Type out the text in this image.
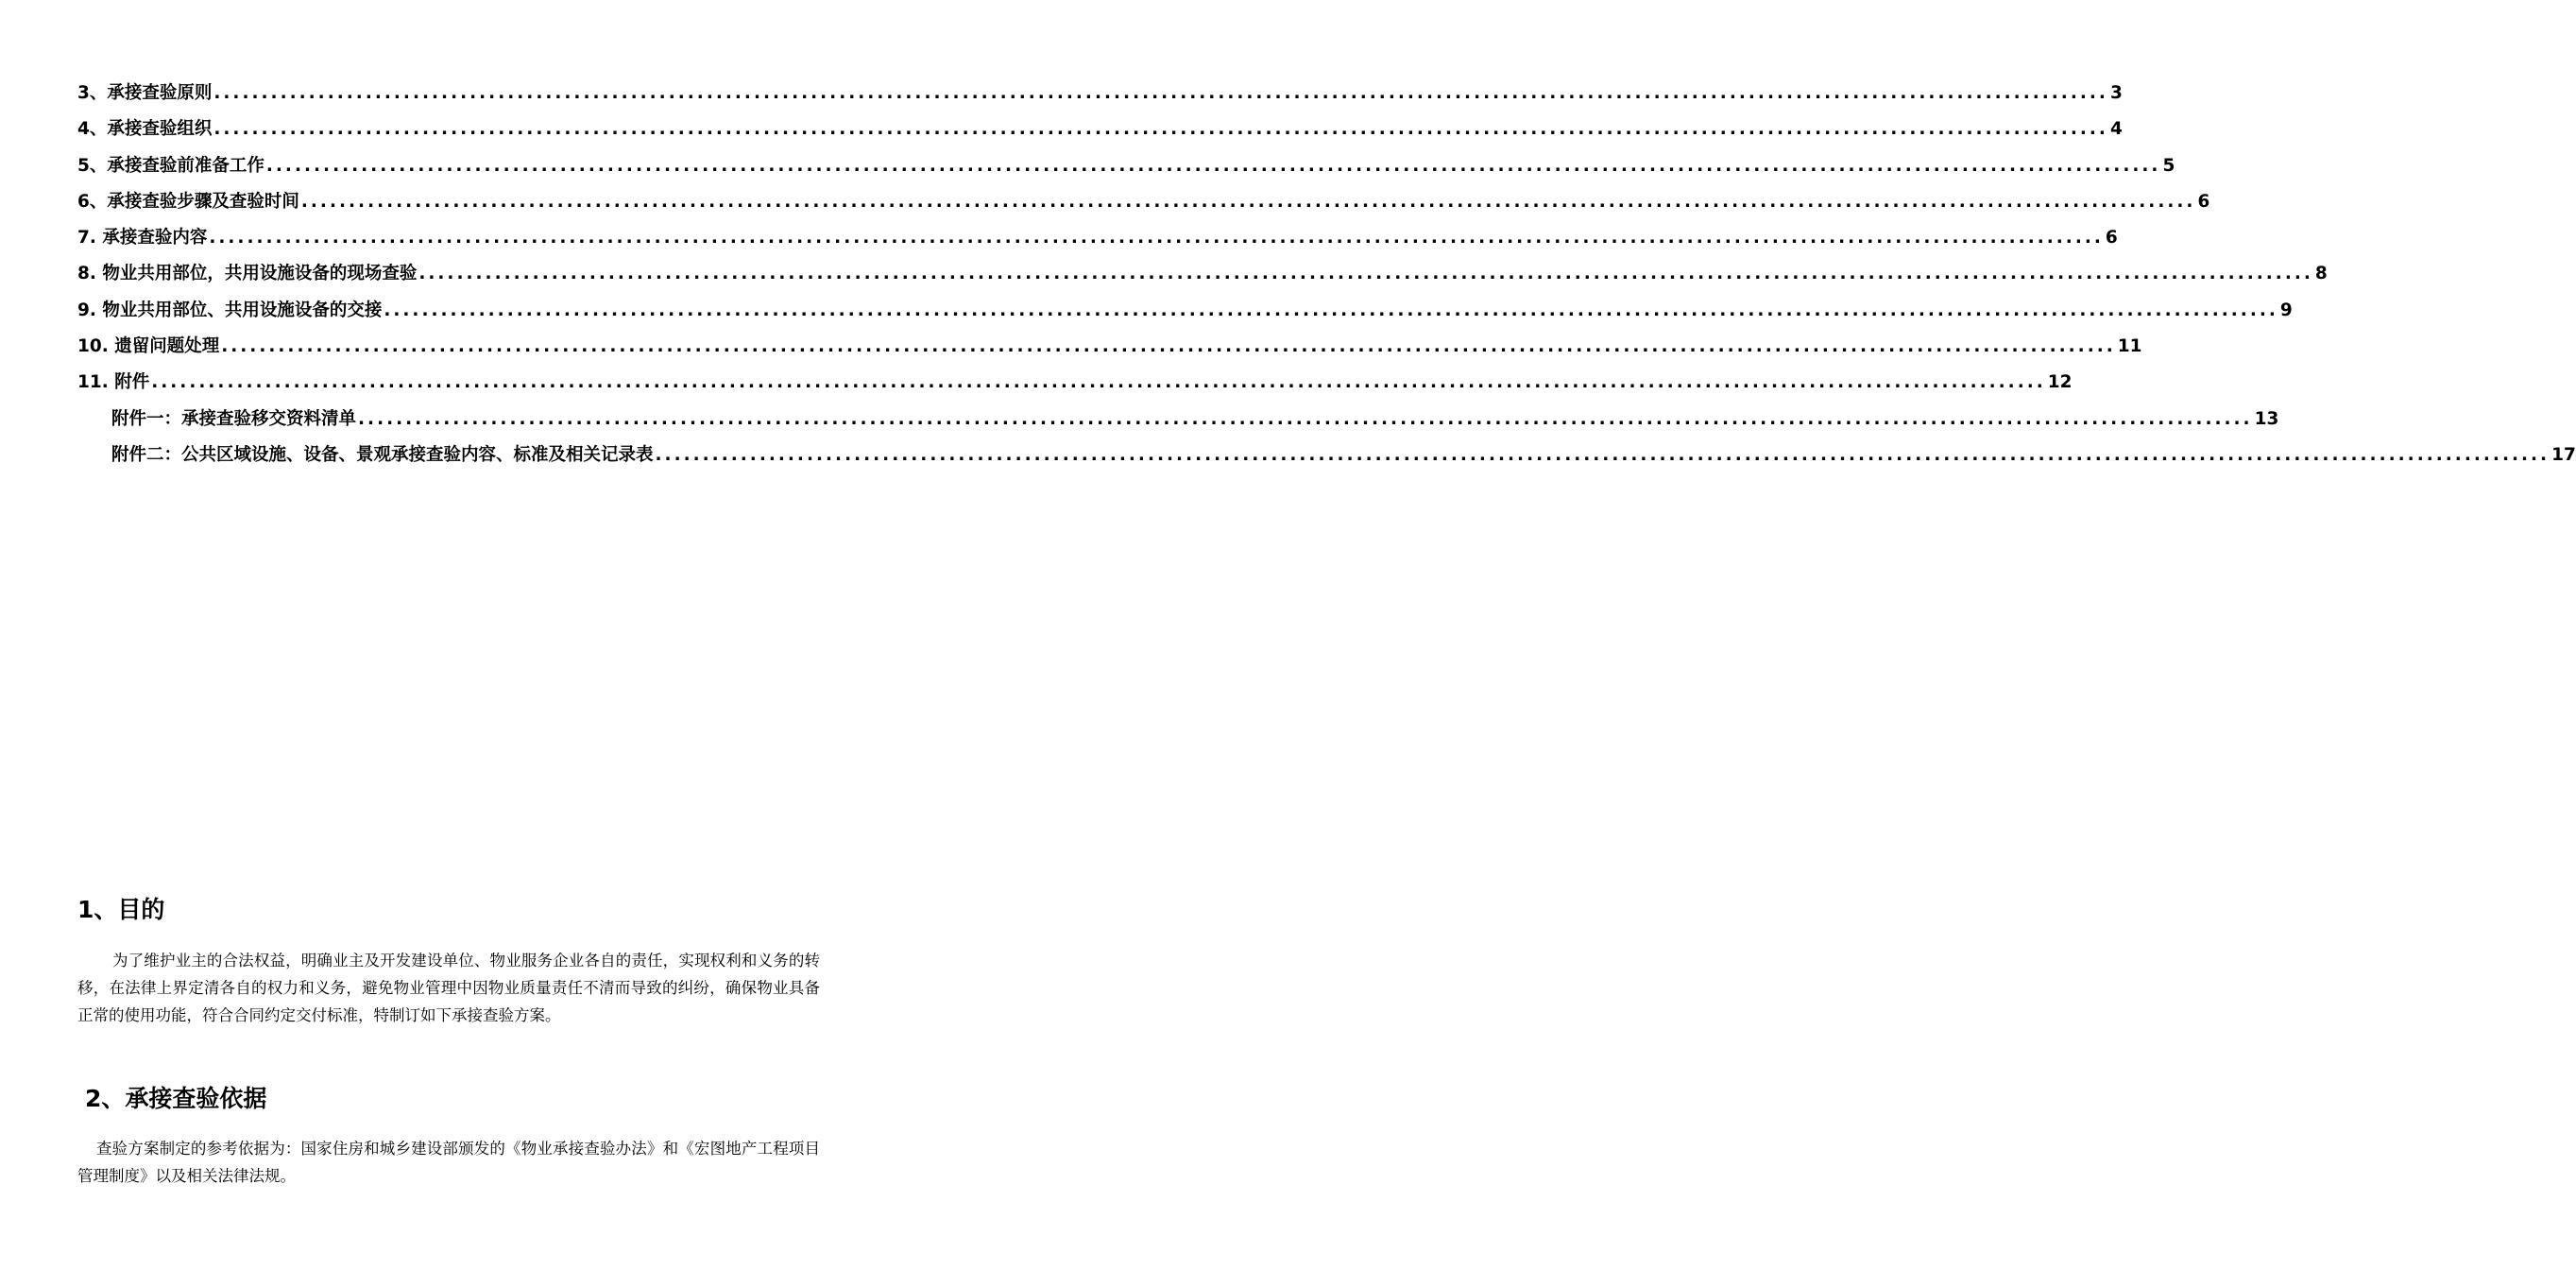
3、承接查验原则 ........................................................................................................................................................................................................ 3
4、承接查验组织 ........................................................................................................................................................................................................ 4
5、承接查验前准备工作 ........................................................................................................................................................................................................ 5
6、承接查验步骤及查验时间 ........................................................................................................................................................................................................ 6
7. 承接查验内容 ........................................................................................................................................................................................................ 6
8. 物业共用部位，共用设施设备的现场查验 ........................................................................................................................................................................................................ 8
9. 物业共用部位、共用设施设备的交接 ........................................................................................................................................................................................................ 9
10. 遗留问题处理 ........................................................................................................................................................................................................ 11
11. 附件 ........................................................................................................................................................................................................ 12
附件一：承接查验移交资料清单 ........................................................................................................................................................................................................ 13
附件二：公共区域设施、设备、景观承接查验内容、标准及相关记录表 ........................................................................................................................................................................................................ 17
1、目的

为了维护业主的合法权益，明确业主及开发建设单位、物业服务企业各自的责任，实现权利和义务的转移，在法律上界定清各自的权力和义务，避免物业管理中因物业质量责任不清而导致的纠纷，确保物业具备正常的使用功能，符合合同约定交付标准，特制订如下承接查验方案。

2、承接查验依据

查验方案制定的参考依据为：国家住房和城乡建设部颁发的《物业承接查验办法》和《宏图地产工程项目管理制度》以及相关法律法规。
